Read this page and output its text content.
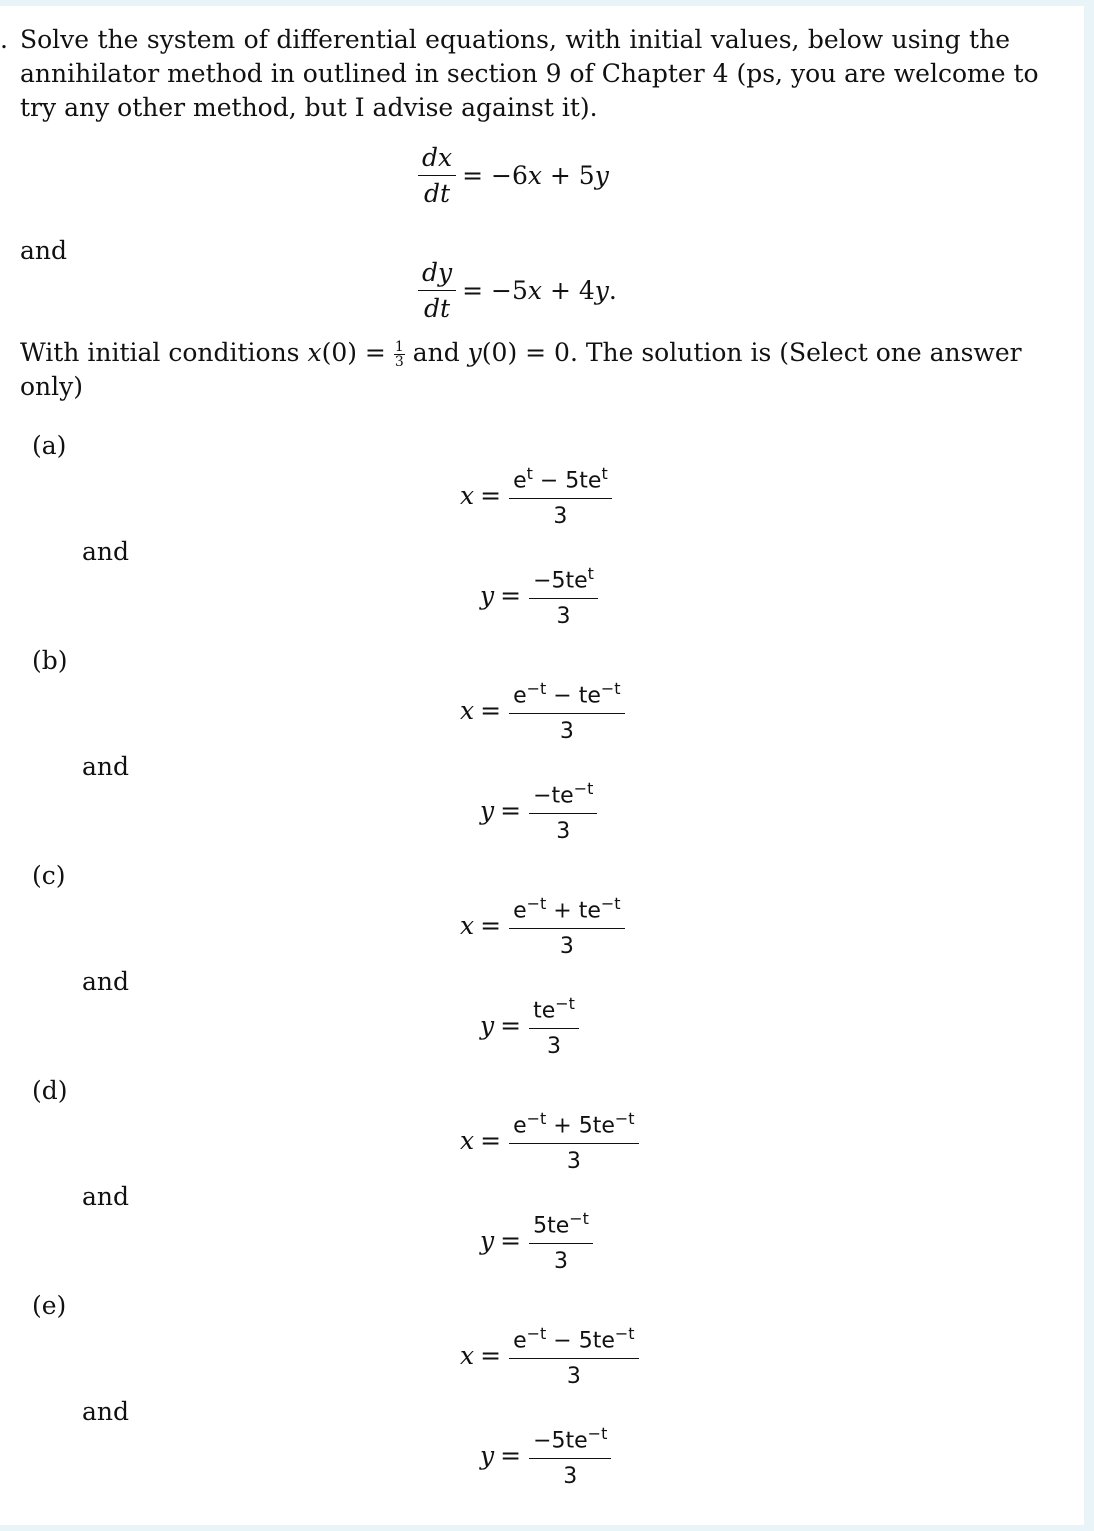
. Solve the system of differential equations, with initial values, below using the
annihilator method in outlined in section 9 of Chapter 4 (ps, you are welcome to
try any other method, but I advise against it).
$\frac{dx}{dt} = -6x + 5y$
and
$\frac{dy}{dt} = -5x + 4y$.
With initial conditions $x(0) = \frac{1}{3}$ and y(0) = 0. The solution is (Select one answer
only)
(a)
$x = \frac{e^t - 5te^t}{3}$
and
$y = \frac{-5te^t}{3}$
(b)
$x = \frac{e^{-t} - te^{-t}}{3}$
and
$y = \frac{-te^{-t}}{3}$
(c)
$x = \frac{e^{-t} + te^{-t}}{3}$
and
$y = \frac{te^{-t}}{3}$
(d)
$x = \frac{e^{-t} + 5te^{-t}}{3}$
and
$y = \frac{5te^{-t}}{3}$
(e)
$x = \frac{e^{-t} - 5te^{-t}}{3}$
and
$y = \frac{-5te^{-t}}{3}$
